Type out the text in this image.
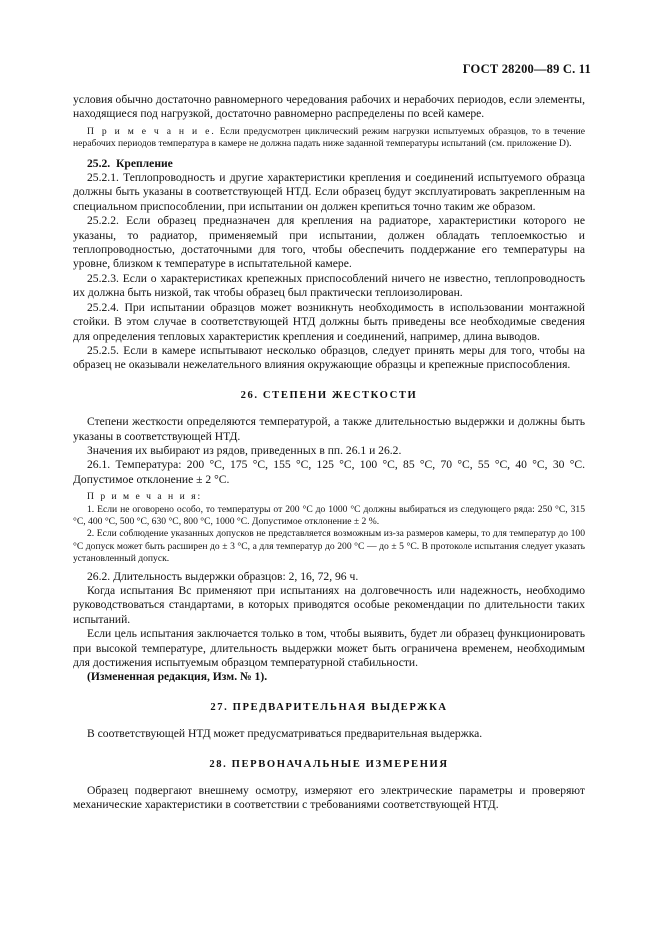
ГОСТ 28200—89 С. 11

условия обычно достаточно равномерного чередования рабочих и нерабочих периодов, если элементы, находящиеся под нагрузкой, достаточно равномерно распределены по всей камере.

П р и м е ч а н и е. Если предусмотрен циклический режим нагрузки испытуемых образцов, то в течение нерабочих периодов температура в камере не должна падать ниже заданной температуры испытаний (см. приложение D).

25.2. Крепление

25.2.1. Теплопроводность и другие характеристики крепления и соединений испытуемого образца должны быть указаны в соответствующей НТД. Если образец будут эксплуатировать закрепленным на специальном приспособлении, при испытании он должен крепиться точно таким же образом.

25.2.2. Если образец предназначен для крепления на радиаторе, характеристики которого не указаны, то радиатор, применяемый при испытании, должен обладать теплоемкостью и теплопроводностью, достаточными для того, чтобы обеспечить поддержание его температуры на уровне, близком к температуре в испытательной камере.

25.2.3. Если о характеристиках крепежных приспособлений ничего не известно, теплопроводность их должна быть низкой, так чтобы образец был практически теплоизолирован.

25.2.4. При испытании образцов может возникнуть необходимость в использовании монтажной стойки. В этом случае в соответствующей НТД должны быть приведены все необходимые сведения для определения тепловых характеристик крепления и соединений, например, длина выводов.

25.2.5. Если в камере испытывают несколько образцов, следует принять меры для того, чтобы на образец не оказывали нежелательного влияния окружающие образцы и крепежные приспособления.

26. СТЕПЕНИ ЖЕСТКОСТИ

Степени жесткости определяются температурой, а также длительностью выдержки и должны быть указаны в соответствующей НТД.

Значения их выбирают из рядов, приведенных в пп. 26.1 и 26.2.

26.1. Температура: 200 °С, 175 °С, 155 °С, 125 °С, 100 °С, 85 °С, 70 °С, 55 °С, 40 °С, 30 °С. Допустимое отклонение ± 2 °С.

П р и м е ч а н и я:

1. Если не оговорено особо, то температуры от 200 °С до 1000 °С должны выбираться из следующего ряда: 250 °С, 315 °С, 400 °С, 500 °С, 630 °С, 800 °С, 1000 °С. Допустимое отклонение ± 2 %.

2. Если соблюдение указанных допусков не представляется возможным из-за размеров камеры, то для температур до 100 °С допуск может быть расширен до ± 3 °С, а для температур до 200 °С — до ± 5 °С. В протоколе испытания следует указать установленный допуск.

26.2. Длительность выдержки образцов: 2, 16, 72, 96 ч.

Когда испытания Вс применяют при испытаниях на долговечность или надежность, необходимо руководствоваться стандартами, в которых приводятся особые рекомендации по длительности таких испытаний.

Если цель испытания заключается только в том, чтобы выявить, будет ли образец функционировать при высокой температуре, длительность выдержки может быть ограничена временем, необходимым для достижения испытуемым образцом температурной стабильности.

(Измененная редакция, Изм. № 1).

27. ПРЕДВАРИТЕЛЬНАЯ ВЫДЕРЖКА

В соответствующей НТД может предусматриваться предварительная выдержка.

28. ПЕРВОНАЧАЛЬНЫЕ ИЗМЕРЕНИЯ

Образец подвергают внешнему осмотру, измеряют его электрические параметры и проверяют механические характеристики в соответствии с требованиями соответствующей НТД.
